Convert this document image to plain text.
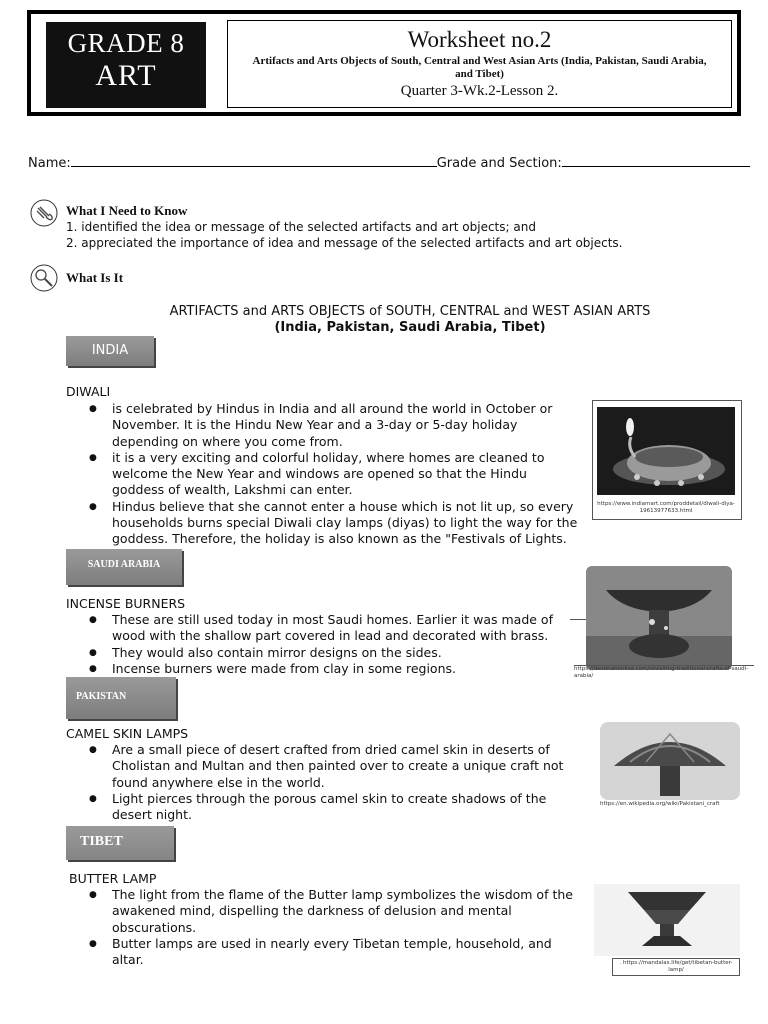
GRADE 8
ART
Worksheet no.2
Artifacts and Arts Objects of South, Central and West Asian Arts (India, Pakistan, Saudi Arabia, and Tibet)
Quarter 3-Wk.2-Lesson 2.
Name:	Grade and Section:
What I Need to Know
1. identified the idea or message of the selected artifacts and art objects; and
2. appreciated the importance of idea and message of the selected artifacts and art objects.
What Is It
ARTIFACTS and ARTS OBJECTS of SOUTH, CENTRAL and WEST ASIAN ARTS
(India, Pakistan, Saudi Arabia, Tibet)
INDIA
DIWALI
● is celebrated by Hindus in India and all around the world in October or November. It is the Hindu New Year and a 3-day or 5-day holiday depending on where you come from.
● it is a very exciting and colorful holiday, where homes are cleaned to welcome the New Year and windows are opened so that the Hindu goddess of wealth, Lakshmi can enter.
● Hindus believe that she cannot enter a house which is not lit up, so every households burns special Diwali clay lamps (diyas) to light the way for the goddess. Therefore, the holiday is also known as the "Festivals of Lights.
https://www.indiamart.com/proddetail/diwali-diya-19613977633.html
SAUDI ARABIA
INCENSE BURNERS
● These are still used today in most Saudi homes. Earlier it was made of wood with the shallow part covered in lead and decorated with brass.
● They would also contain mirror designs on the sides.
● Incense burners were made from clay in some regions.	https://destinationksa.com/revisiting-traditional-crafts-of-saudi-arabia/
PAKISTAN
CAMEL SKIN LAMPS
● Are a small piece of desert crafted from dried camel skin in deserts of Cholistan and Multan and then painted over to create a unique craft not found anywhere else in the world.
● Light pierces through the porous camel skin to create shadows of the desert night.
https://en.wikipedia.org/wiki/Pakistani_craft
TIBET
BUTTER LAMP
● The light from the flame of the Butter lamp symbolizes the wisdom of the awakened mind, dispelling the darkness of delusion and mental obscurations.
● Butter lamps are used in nearly every Tibetan temple, household, and altar.	. https://mandalas.life/get/tibetan-butter-lamp/
